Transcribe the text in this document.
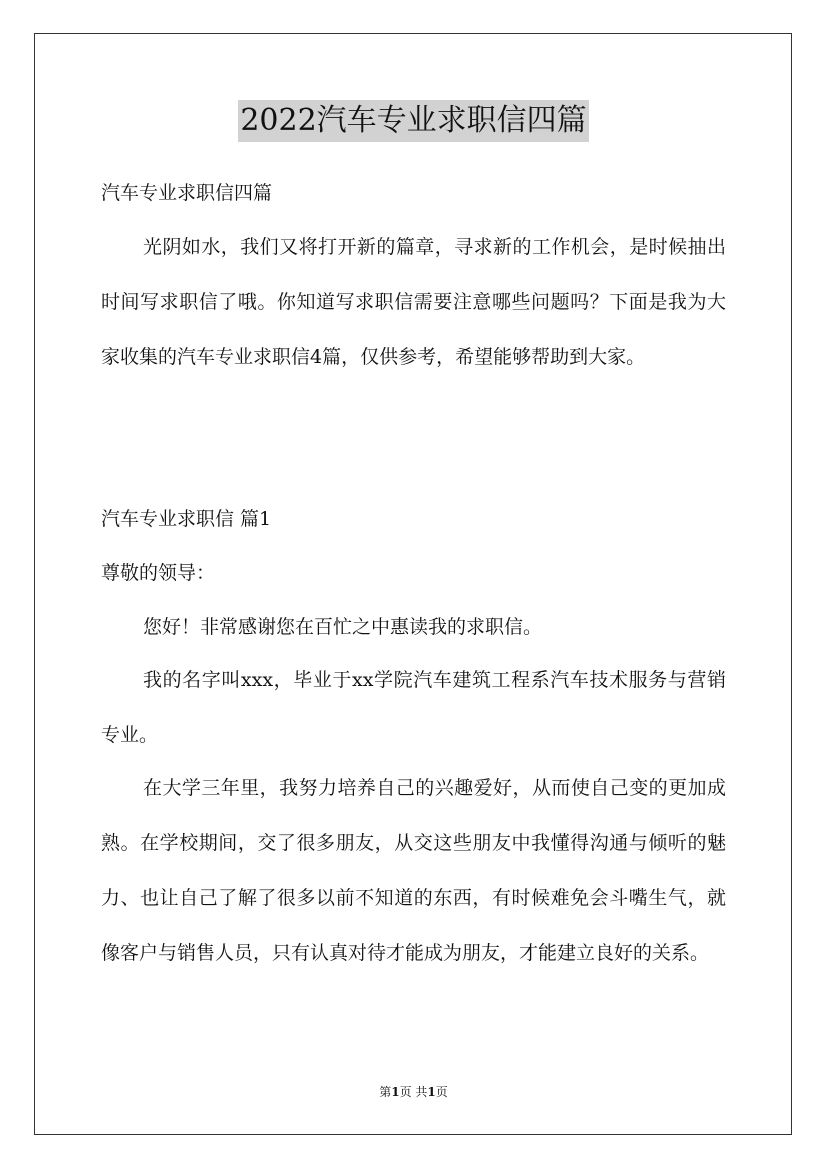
2022汽车专业求职信四篇
汽车专业求职信四篇
光阴如水，我们又将打开新的篇章，寻求新的工作机会，是时候抽出时间写求职信了哦。你知道写求职信需要注意哪些问题吗？下面是我为大家收集的汽车专业求职信4篇，仅供参考，希望能够帮助到大家。
汽车专业求职信 篇1
尊敬的领导：
您好！非常感谢您在百忙之中惠读我的求职信。
我的名字叫xxx，毕业于xx学院汽车建筑工程系汽车技术服务与营销专业。
在大学三年里，我努力培养自己的兴趣爱好，从而使自己变的更加成熟。在学校期间，交了很多朋友，从交这些朋友中我懂得沟通与倾听的魅力、也让自己了解了很多以前不知道的东西，有时候难免会斗嘴生气，就像客户与销售人员，只有认真对待才能成为朋友，才能建立良好的关系。
第1页 共1页
